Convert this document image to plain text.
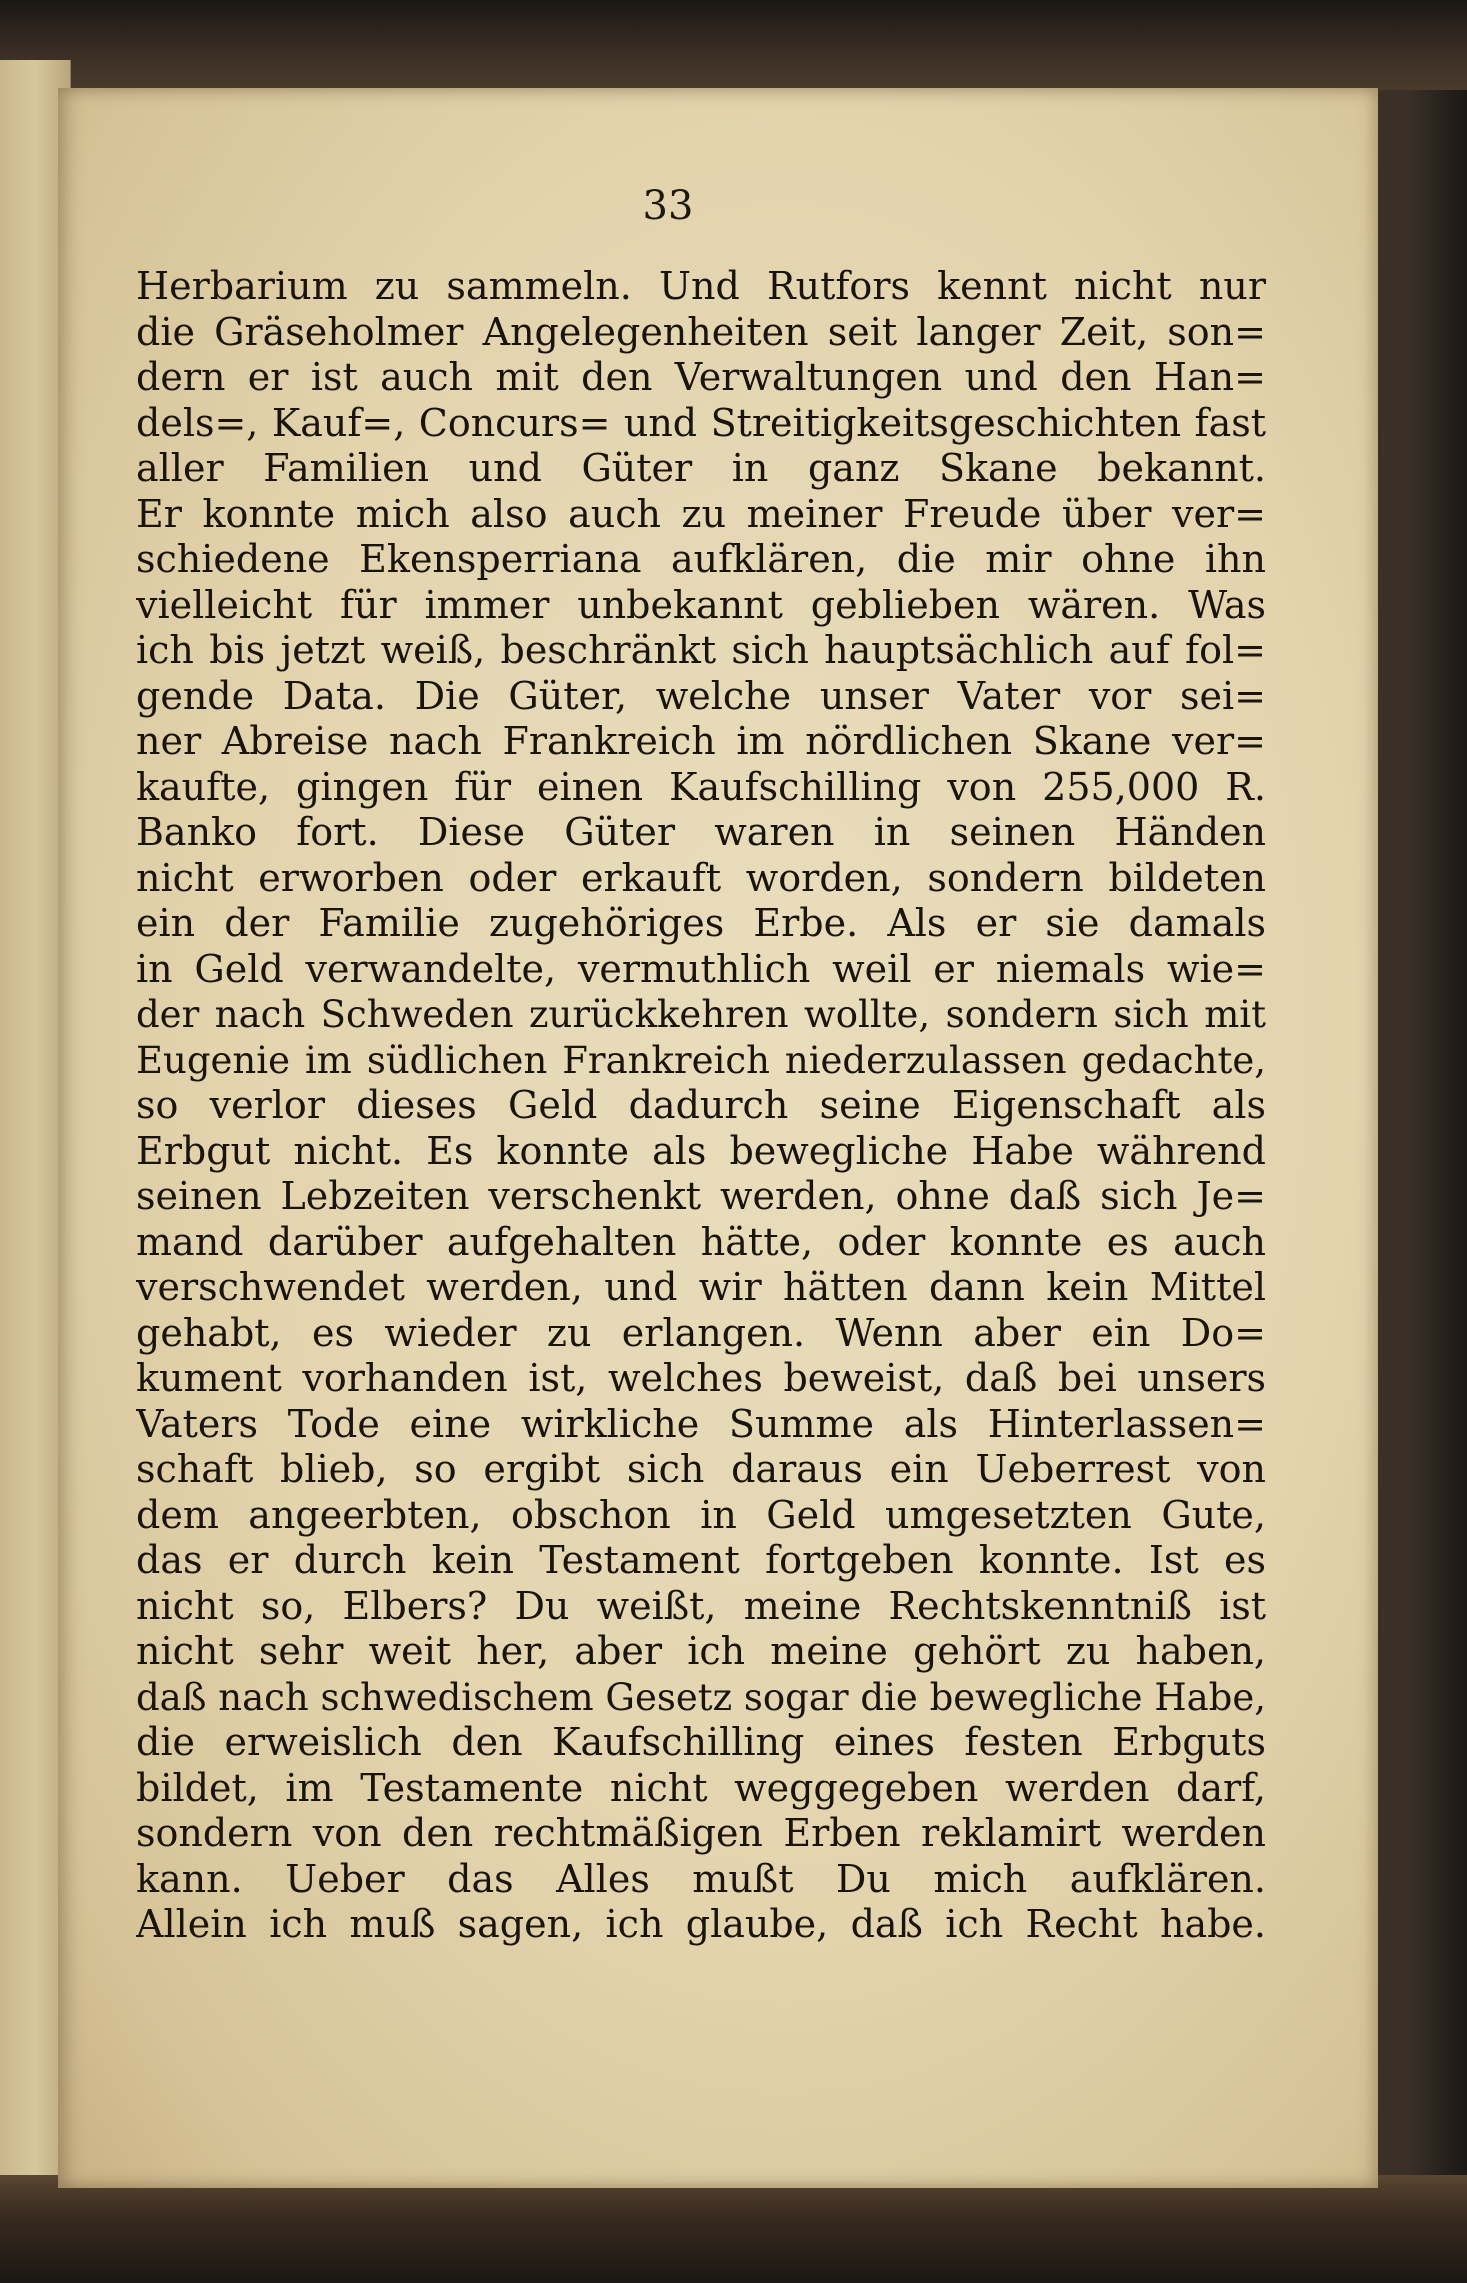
33
Herbarium zu sammeln. Und Rutfors kennt nicht nur
die Gräseholmer Angelegenheiten seit langer Zeit, son=
dern er ist auch mit den Verwaltungen und den Han=
dels=, Kauf=, Concurs= und Streitigkeitsgeschichten fast
aller Familien und Güter in ganz Skane bekannt.
Er konnte mich also auch zu meiner Freude über ver=
schiedene Ekensperriana aufklären, die mir ohne ihn
vielleicht für immer unbekannt geblieben wären. Was
ich bis jetzt weiß, beschränkt sich hauptsächlich auf fol=
gende Data. Die Güter, welche unser Vater vor sei=
ner Abreise nach Frankreich im nördlichen Skane ver=
kaufte, gingen für einen Kaufschilling von 255,000 R.
Banko fort. Diese Güter waren in seinen Händen
nicht erworben oder erkauft worden, sondern bildeten
ein der Familie zugehöriges Erbe. Als er sie damals
in Geld verwandelte, vermuthlich weil er niemals wie=
der nach Schweden zurückkehren wollte, sondern sich mit
Eugenie im südlichen Frankreich niederzulassen gedachte,
so verlor dieses Geld dadurch seine Eigenschaft als
Erbgut nicht. Es konnte als bewegliche Habe während
seinen Lebzeiten verschenkt werden, ohne daß sich Je=
mand darüber aufgehalten hätte, oder konnte es auch
verschwendet werden, und wir hätten dann kein Mittel
gehabt, es wieder zu erlangen. Wenn aber ein Do=
kument vorhanden ist, welches beweist, daß bei unsers
Vaters Tode eine wirkliche Summe als Hinterlassen=
schaft blieb, so ergibt sich daraus ein Ueberrest von
dem angeerbten, obschon in Geld umgesetzten Gute,
das er durch kein Testament fortgeben konnte. Ist es
nicht so, Elbers? Du weißt, meine Rechtskenntniß ist
nicht sehr weit her, aber ich meine gehört zu haben,
daß nach schwedischem Gesetz sogar die bewegliche Habe,
die erweislich den Kaufschilling eines festen Erbguts
bildet, im Testamente nicht weggegeben werden darf,
sondern von den rechtmäßigen Erben reklamirt werden
kann. Ueber das Alles mußt Du mich aufklären.
Allein ich muß sagen, ich glaube, daß ich Recht habe.
